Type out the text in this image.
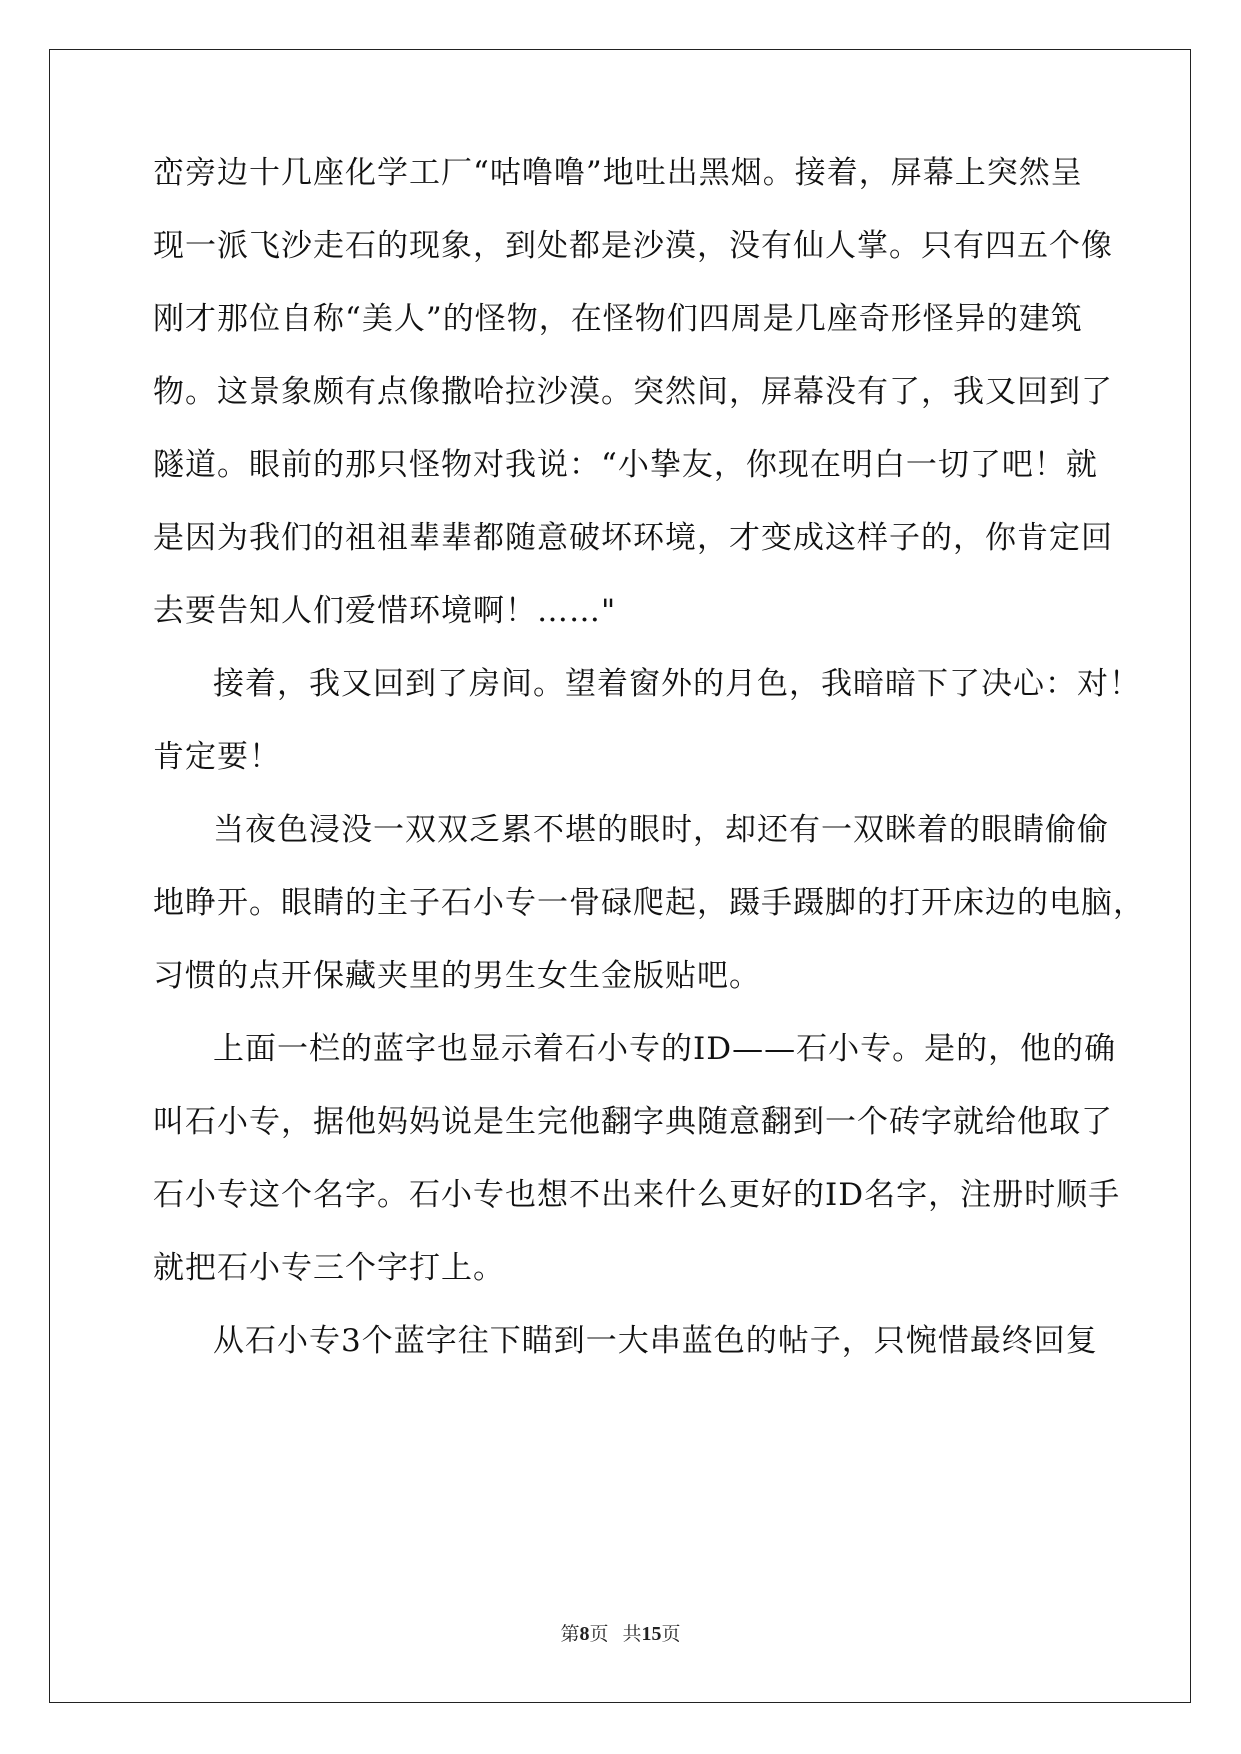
峦旁边十几座化学工厂“咕噜噜”地吐出黑烟。接着，屏幕上突然呈
现一派飞沙走石的现象，到处都是沙漠，没有仙人掌。只有四五个像
刚才那位自称“美人”的怪物，在怪物们四周是几座奇形怪异的建筑
物。这景象颇有点像撒哈拉沙漠。突然间，屏幕没有了，我又回到了
隧道。眼前的那只怪物对我说：“小挚友，你现在明白一切了吧！就
是因为我们的祖祖辈辈都随意破坏环境，才变成这样子的，你肯定回
去要告知人们爱惜环境啊！……"
接着，我又回到了房间。望着窗外的月色，我暗暗下了决心：对！
肯定要！
当夜色浸没一双双乏累不堪的眼时，却还有一双眯着的眼睛偷偷
地睁开。眼睛的主子石小专一骨碌爬起，蹑手蹑脚的打开床边的电脑，
习惯的点开保藏夹里的男生女生金版贴吧。
上面一栏的蓝字也显示着石小专的ID——石小专。是的，他的确
叫石小专，据他妈妈说是生完他翻字典随意翻到一个砖字就给他取了
石小专这个名字。石小专也想不出来什么更好的ID名字，注册时顺手
就把石小专三个字打上。
从石小专3个蓝字往下瞄到一大串蓝色的帖子，只惋惜最终回复
第8页 共15页
